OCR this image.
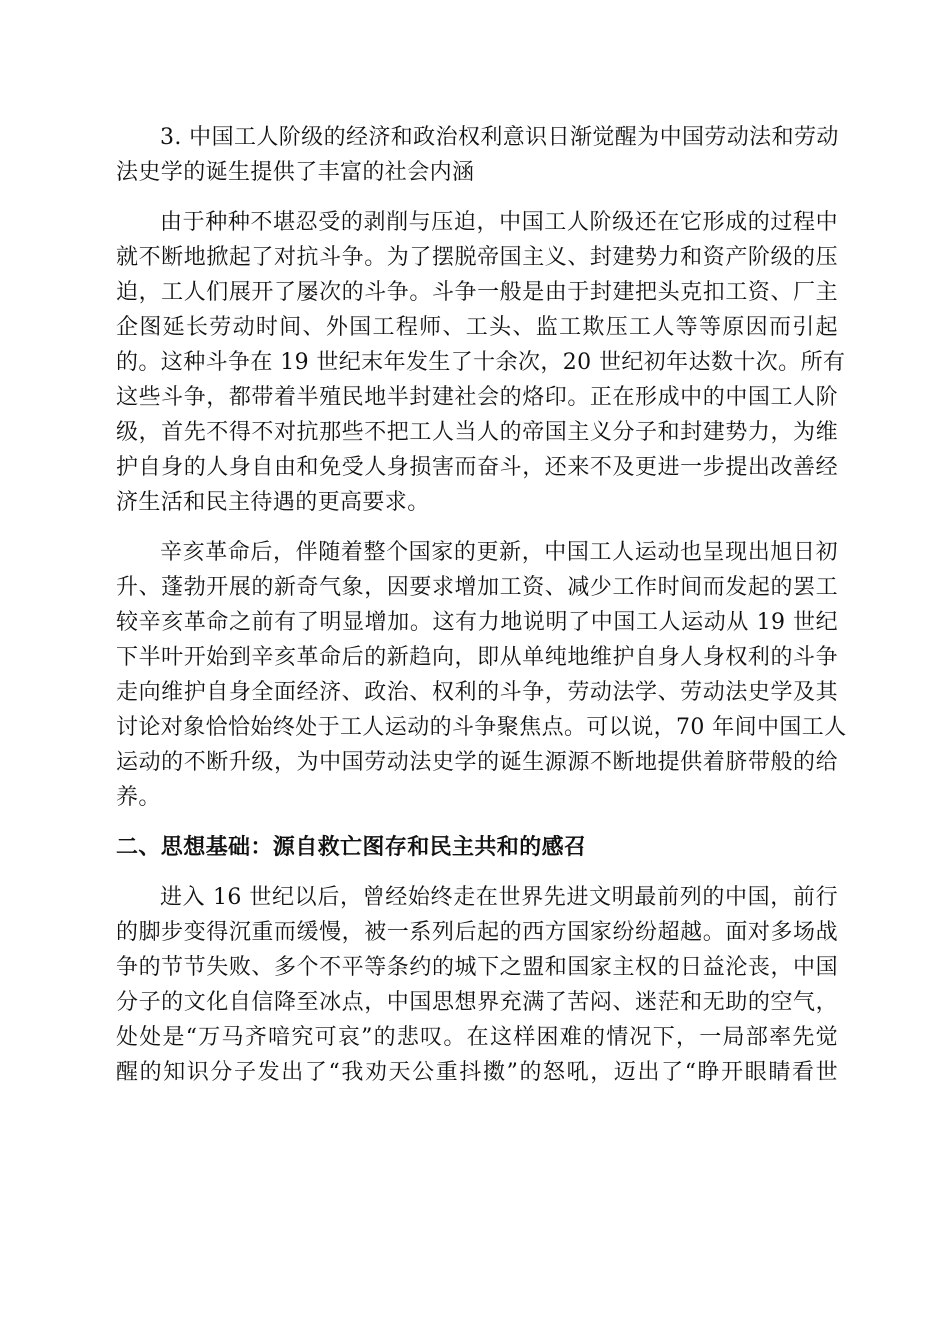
3. 中国工人阶级的经济和政治权利意识日渐觉醒为中国劳动法和劳动
法史学的诞生提供了丰富的社会内涵
由于种种不堪忍受的剥削与压迫，中国工人阶级还在它形成的过程中
就不断地掀起了对抗斗争。为了摆脱帝国主义、封建势力和资产阶级的压
迫，工人们展开了屡次的斗争。斗争一般是由于封建把头克扣工资、厂主
企图延长劳动时间、外国工程师、工头、监工欺压工人等等原因而引起
的。这种斗争在 19 世纪末年发生了十余次，20 世纪初年达数十次。所有
这些斗争，都带着半殖民地半封建社会的烙印。正在形成中的中国工人阶
级，首先不得不对抗那些不把工人当人的帝国主义分子和封建势力，为维
护自身的人身自由和免受人身损害而奋斗，还来不及更进一步提出改善经
济生活和民主待遇的更高要求。
辛亥革命后，伴随着整个国家的更新，中国工人运动也呈现出旭日初
升、蓬勃开展的新奇气象，因要求增加工资、减少工作时间而发起的罢工
较辛亥革命之前有了明显增加。这有力地说明了中国工人运动从 19 世纪
下半叶开始到辛亥革命后的新趋向，即从单纯地维护自身人身权利的斗争
走向维护自身全面经济、政治、权利的斗争，劳动法学、劳动法史学及其
讨论对象恰恰始终处于工人运动的斗争聚焦点。可以说，70 年间中国工人
运动的不断升级，为中国劳动法史学的诞生源源不断地提供着脐带般的给
养。
二、思想基础：源自救亡图存和民主共和的感召
进入 16 世纪以后，曾经始终走在世界先进文明最前列的中国，前行
的脚步变得沉重而缓慢，被一系列后起的西方国家纷纷超越。面对多场战
争的节节失败、多个不平等条约的城下之盟和国家主权的日益沦丧，中国
分子的文化自信降至冰点，中国思想界充满了苦闷、迷茫和无助的空气，
处处是“万马齐喑究可哀”的悲叹。在这样困难的情况下，一局部率先觉
醒的知识分子发出了“我劝天公重抖擞”的怒吼，迈出了“睁开眼睛看世
